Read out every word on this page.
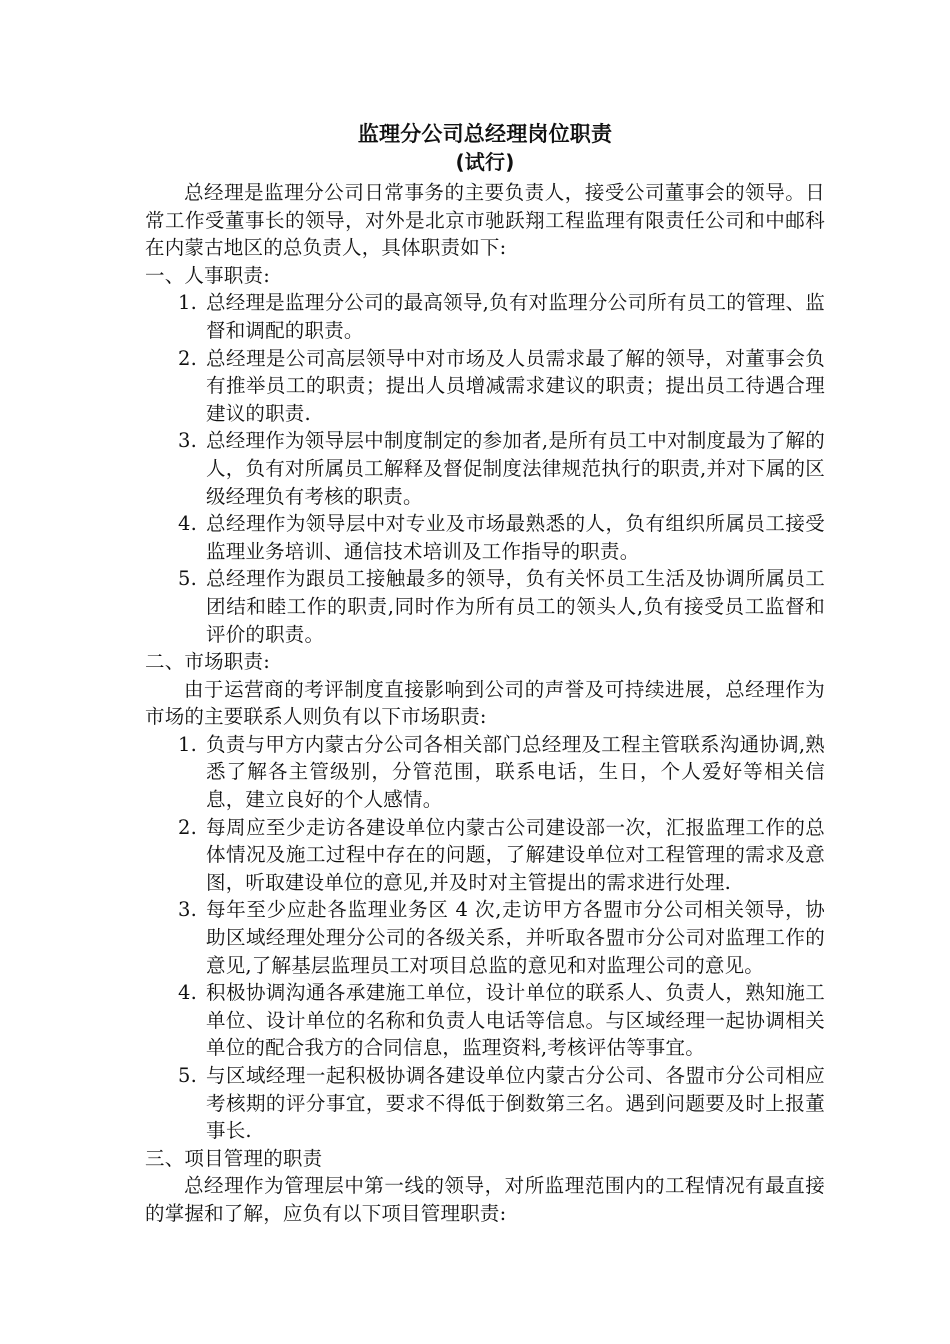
监理分公司总经理岗位职责
(试行)

总经理是监理分公司日常事务的主要负责人，接受公司董事会的领导。日常工作受董事长的领导，对外是北京市驰跃翔工程监理有限责任公司和中邮科在内蒙古地区的总负责人，具体职责如下:

一、人事职责:

1. 总经理是监理分公司的最高领导,负有对监理分公司所有员工的管理、监督和调配的职责。
2. 总经理是公司高层领导中对市场及人员需求最了解的领导，对董事会负有推举员工的职责；提出人员增减需求建议的职责；提出员工待遇合理建议的职责.
3. 总经理作为领导层中制度制定的参加者,是所有员工中对制度最为了解的人，负有对所属员工解释及督促制度法律规范执行的职责,并对下属的区级经理负有考核的职责。
4. 总经理作为领导层中对专业及市场最熟悉的人，负有组织所属员工接受监理业务培训、通信技术培训及工作指导的职责。
5. 总经理作为跟员工接触最多的领导，负有关怀员工生活及协调所属员工团结和睦工作的职责,同时作为所有员工的领头人,负有接受员工监督和评价的职责。

二、市场职责:

由于运营商的考评制度直接影响到公司的声誉及可持续进展，总经理作为市场的主要联系人则负有以下市场职责:

1. 负责与甲方内蒙古分公司各相关部门总经理及工程主管联系沟通协调,熟悉了解各主管级别，分管范围，联系电话，生日，个人爱好等相关信息，建立良好的个人感情。
2. 每周应至少走访各建设单位内蒙古公司建设部一次，汇报监理工作的总体情况及施工过程中存在的问题，了解建设单位对工程管理的需求及意图，听取建设单位的意见,并及时对主管提出的需求进行处理.
3. 每年至少应赴各监理业务区 4 次,走访甲方各盟市分公司相关领导，协助区域经理处理分公司的各级关系，并听取各盟市分公司对监理工作的意见,了解基层监理员工对项目总监的意见和对监理公司的意见。
4. 积极协调沟通各承建施工单位，设计单位的联系人、负责人，熟知施工单位、设计单位的名称和负责人电话等信息。与区域经理一起协调相关单位的配合我方的合同信息，监理资料,考核评估等事宜。
5. 与区域经理一起积极协调各建设单位内蒙古分公司、各盟市分公司相应考核期的评分事宜，要求不得低于倒数第三名。遇到问题要及时上报董事长.

三、项目管理的职责

总经理作为管理层中第一线的领导，对所监理范围内的工程情况有最直接的掌握和了解，应负有以下项目管理职责:
